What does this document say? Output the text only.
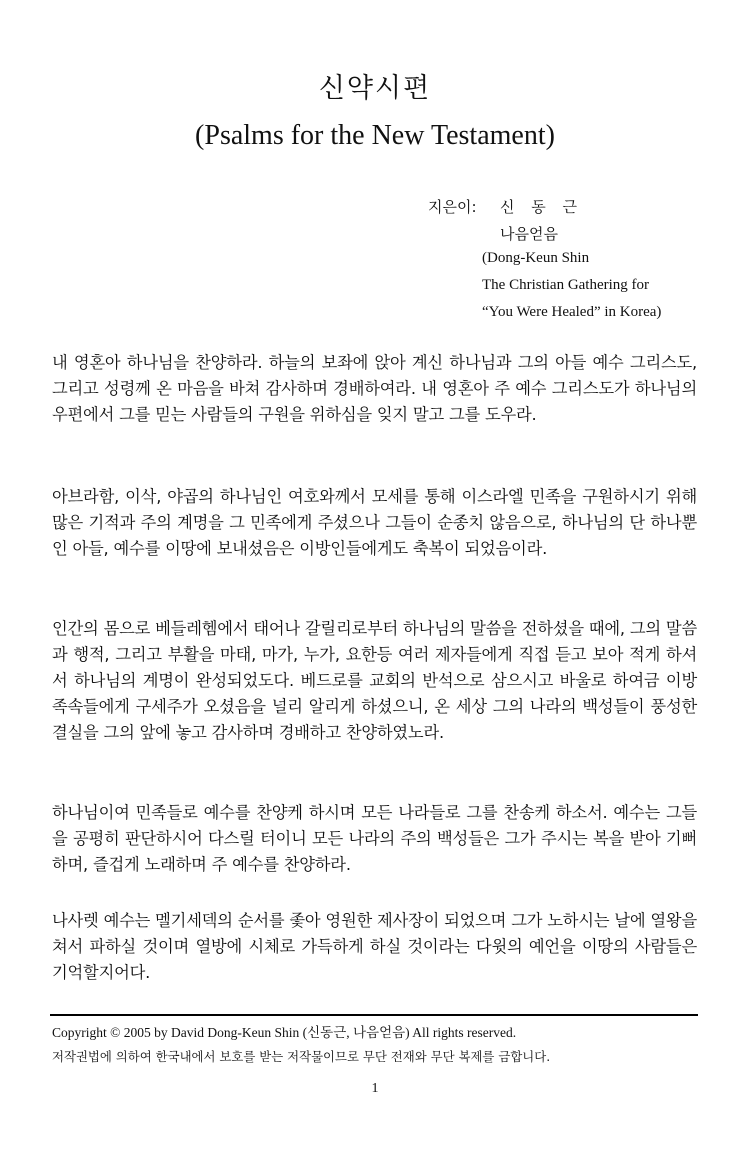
신약시편
(Psalms for the New Testament)
지은이: 신 동 근
나음얻음
(Dong-Keun Shin
The Christian Gathering for
“You Were Healed” in Korea)

내 영혼아 하나님을 찬양하라. 하늘의 보좌에 앉아 계신 하나님과 그의 아들 예수 그리스도, 그리고 성령께 온 마음을 바쳐 감사하며 경배하여라. 내 영혼아 주 예수 그리스도가 하나님의 우편에서 그를 믿는 사람들의 구원을 위하심을 잊지 말고 그를 도우라.

아브라함, 이삭, 야곱의 하나님인 여호와께서 모세를 통해 이스라엘 민족을 구원하시기 위해 많은 기적과 주의 계명을 그 민족에게 주셨으나 그들이 순종치 않음으로, 하나님의 단 하나뿐인 아들, 예수를 이땅에 보내셨음은 이방인들에게도 축복이 되었음이라.

인간의 몸으로 베들레헴에서 태어나 갈릴리로부터 하나님의 말씀을 전하셨을 때에, 그의 말씀과 행적, 그리고 부활을 마태, 마가, 누가, 요한등 여러 제자들에게 직접 듣고 보아 적게 하셔서 하나님의 계명이 완성되었도다. 베드로를 교회의 반석으로 삼으시고 바울로 하여금 이방 족속들에게 구세주가 오셨음을 널리 알리게 하셨으니, 온 세상 그의 나라의 백성들이 풍성한 결실을 그의 앞에 놓고 감사하며 경배하고 찬양하였노라.

하나님이여 민족들로 예수를 찬양케 하시며 모든 나라들로 그를 찬송케 하소서. 예수는 그들을 공평히 판단하시어 다스릴 터이니 모든 나라의 주의 백성들은 그가 주시는 복을 받아 기뻐하며, 즐겁게 노래하며 주 예수를 찬양하라.

나사렛 예수는 멜기세덱의 순서를 좇아 영원한 제사장이 되었으며 그가 노하시는 날에 열왕을 쳐서 파하실 것이며 열방에 시체로 가득하게 하실 것이라는 다윗의 예언을 이땅의 사람들은 기억할지어다.

Copyright © 2005 by David Dong-Keun Shin (신동근, 나음얻음) All rights reserved.
저작권법에 의하여 한국내에서 보호를 받는 저작물이므로 무단 전재와 무단 복제를 금합니다.
1
